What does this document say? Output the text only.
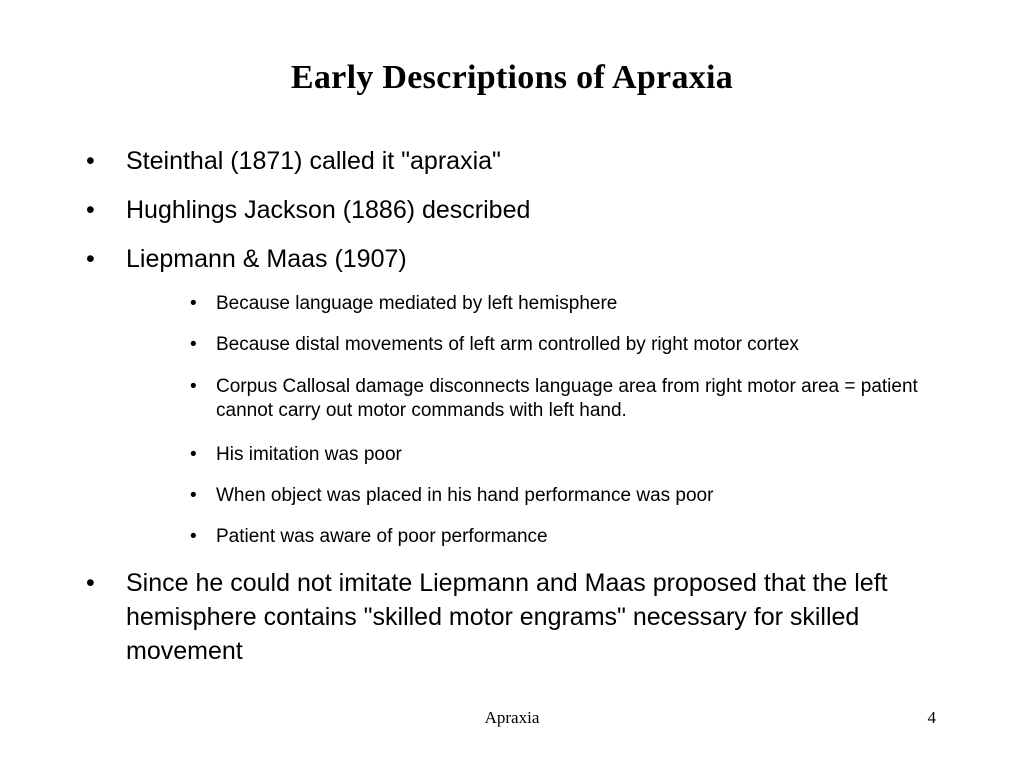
Early Descriptions of Apraxia
•	Steinthal (1871) called it "apraxia"
•	Hughlings Jackson (1886) described
•	Liepmann & Maas (1907)
•	Because language mediated by left hemisphere
•	Because distal movements of left arm controlled by right motor cortex
•	Corpus Callosal damage disconnects language area from right motor area = patient cannot carry out motor commands with left hand.
•	His imitation was poor
•	When object was placed in his hand performance was poor
•	Patient was aware of poor performance
•	Since he could not imitate Liepmann and Maas proposed that the left hemisphere contains "skilled motor engrams" necessary for skilled movement
Apraxia	4
